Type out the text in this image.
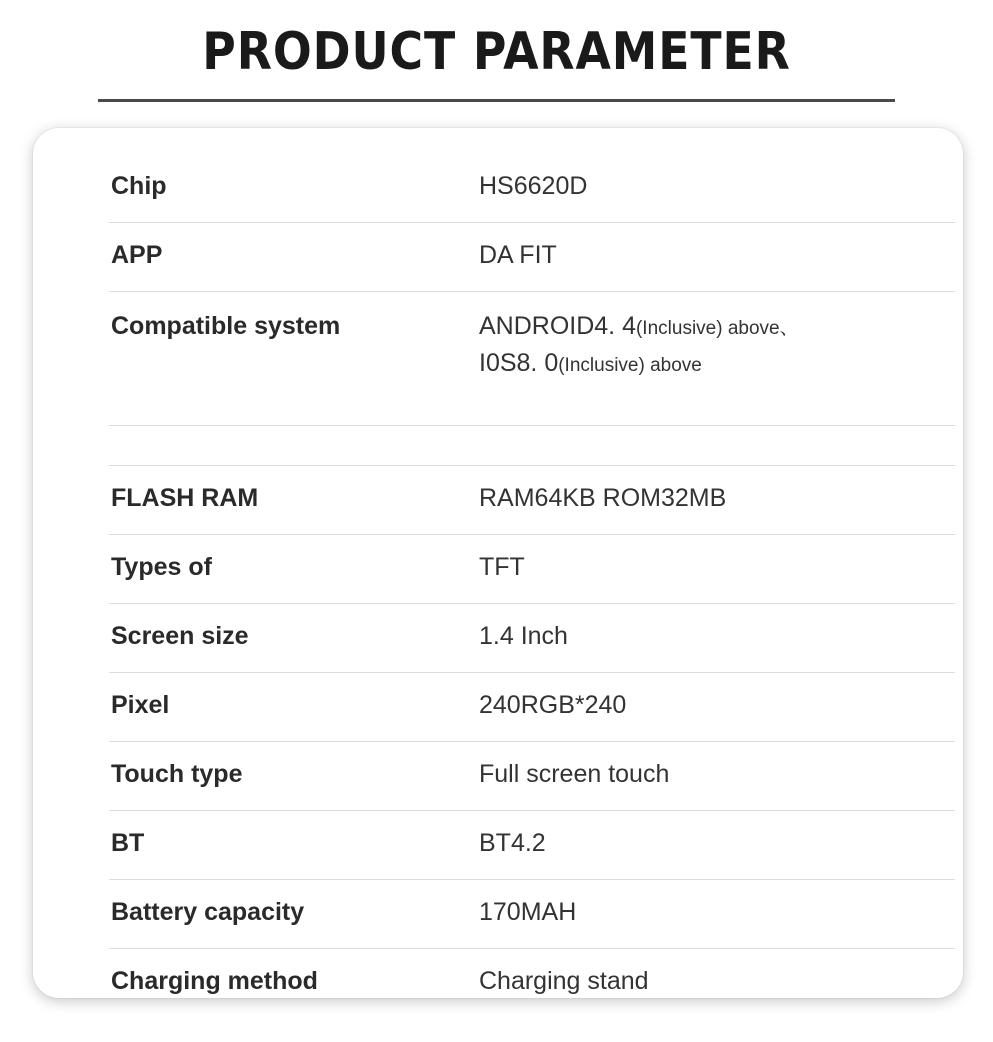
PRODUCT PARAMETER
Chip	HS6620D
APP	DA FIT
Compatible system	ANDROID4. 4(Inclusive) above、
I0S8. 0(Inclusive) above
FLASH RAM	RAM64KB ROM32MB
Types of	TFT
Screen size	1.4 Inch
Pixel	240RGB*240
Touch type	Full screen touch
BT	BT4.2
Battery capacity	170MAH
Charging method	Charging stand
